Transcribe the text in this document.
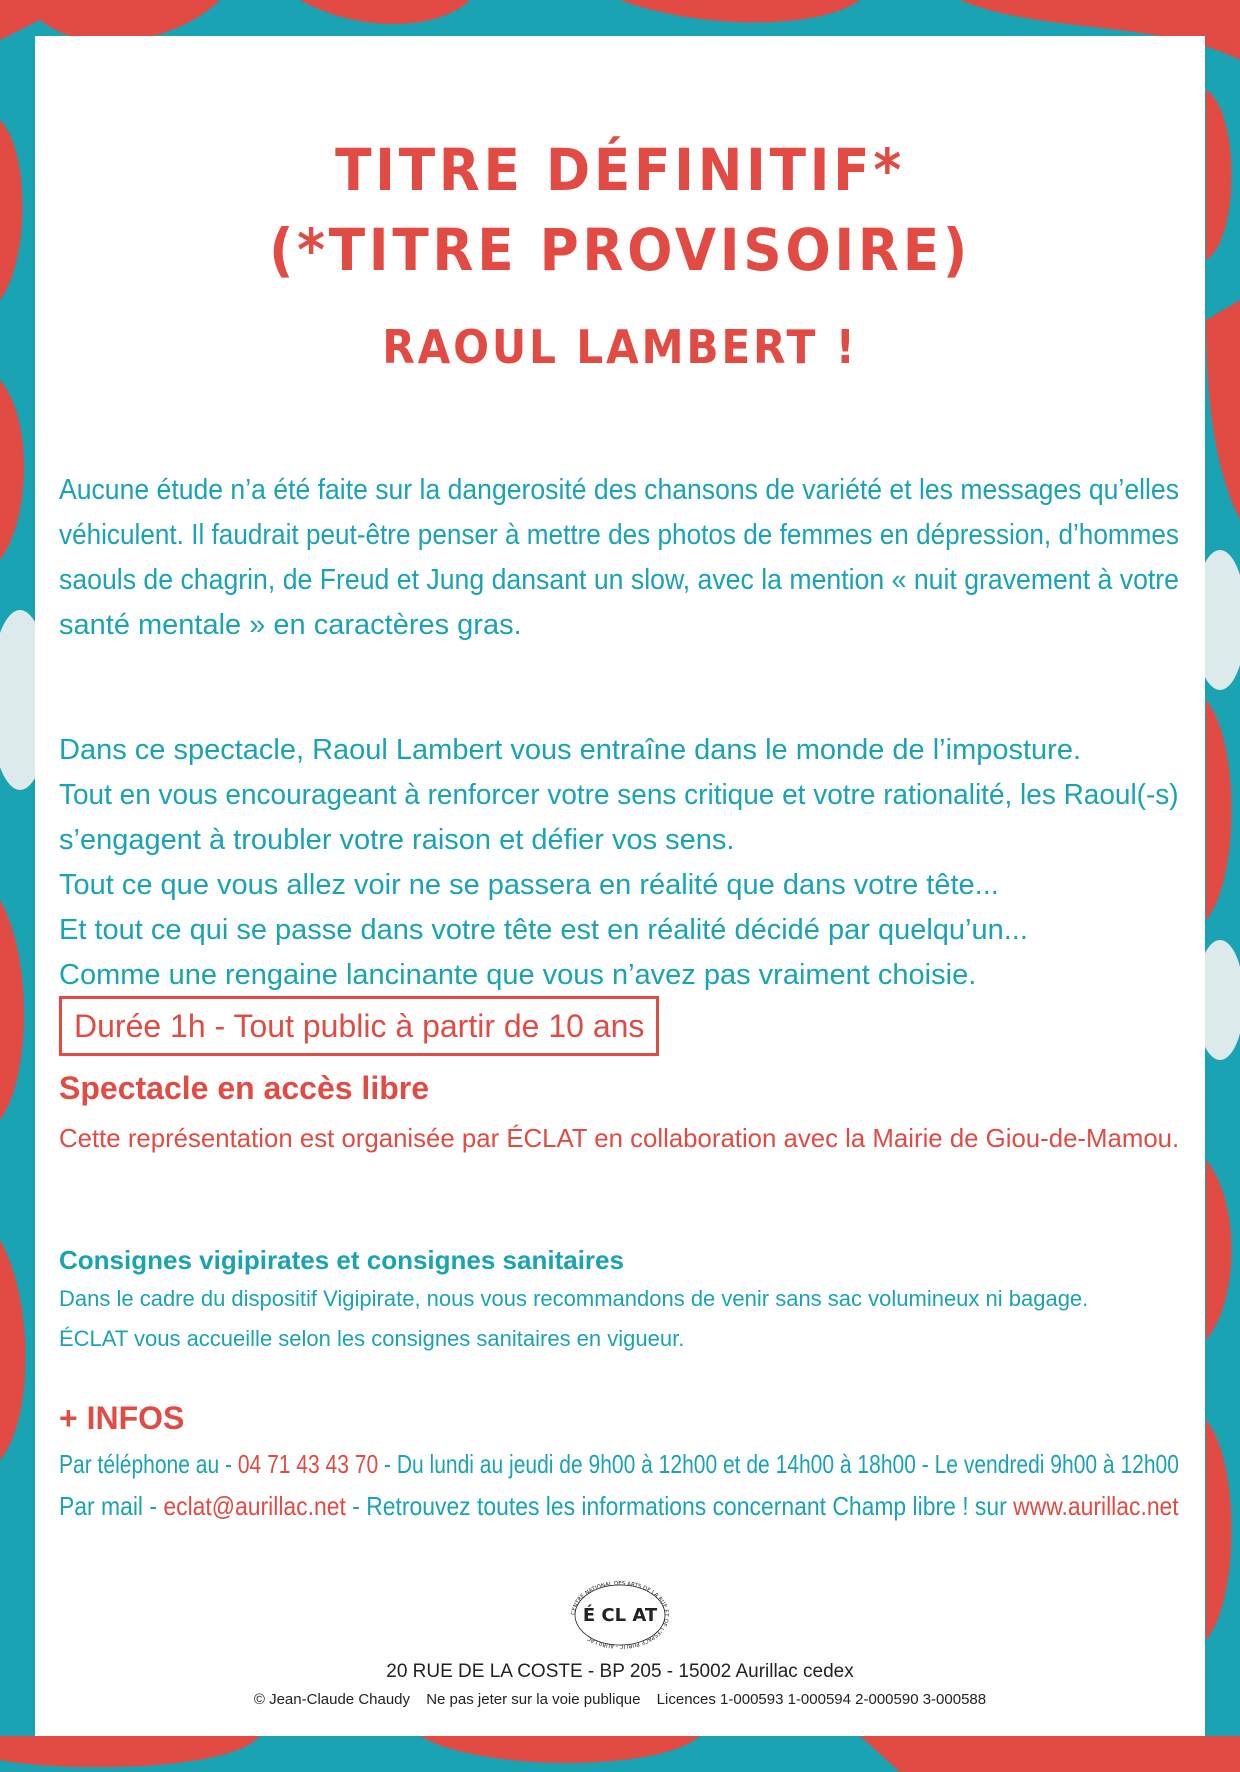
TITRE DÉFINITIF*
(*TITRE PROVISOIRE)
RAOUL LAMBERT !
Aucune étude n’a été faite sur la dangerosité des chansons de variété et les messages qu’elles
véhiculent. Il faudrait peut-être penser à mettre des photos de femmes en dépression, d’hommes
saouls de chagrin, de Freud et Jung dansant un slow, avec la mention « nuit gravement à votre
santé mentale » en caractères gras.
Dans ce spectacle, Raoul Lambert vous entraîne dans le monde de l’imposture.
Tout en vous encourageant à renforcer votre sens critique et votre rationalité, les Raoul(-s)
s’engagent à troubler votre raison et défier vos sens.
Tout ce que vous allez voir ne se passera en réalité que dans votre tête...
Et tout ce qui se passe dans votre tête est en réalité décidé par quelqu’un...
Comme une rengaine lancinante que vous n’avez pas vraiment choisie.
Durée 1h - Tout public à partir de 10 ans
Spectacle en accès libre
Cette représentation est organisée par ÉCLAT en collaboration avec la Mairie de Giou-de-Mamou.
Consignes vigipirates et consignes sanitaires
Dans le cadre du dispositif Vigipirate, nous vous recommandons de venir sans sac volumineux ni bagage.
ÉCLAT vous accueille selon les consignes sanitaires en vigueur.
+ INFOS
Par téléphone au - 04 71 43 43 70 - Du lundi au jeudi de 9h00 à 12h00 et de 14h00 à 18h00 - Le vendredi 9h00 à 12h00
Par mail - eclat@aurillac.net - Retrouvez toutes les informations concernant Champ libre ! sur www.aurillac.net
CENTRE NATIONAL DES ARTS DE LA RUE ET DE L'ESPACE PUBLIC - AURILLAC
É CL AT
20 RUE DE LA COSTE - BP 205 - 15002 Aurillac cedex
© Jean-Claude Chaudy Ne pas jeter sur la voie publique Licences 1-000593 1-000594 2-000590 3-000588
